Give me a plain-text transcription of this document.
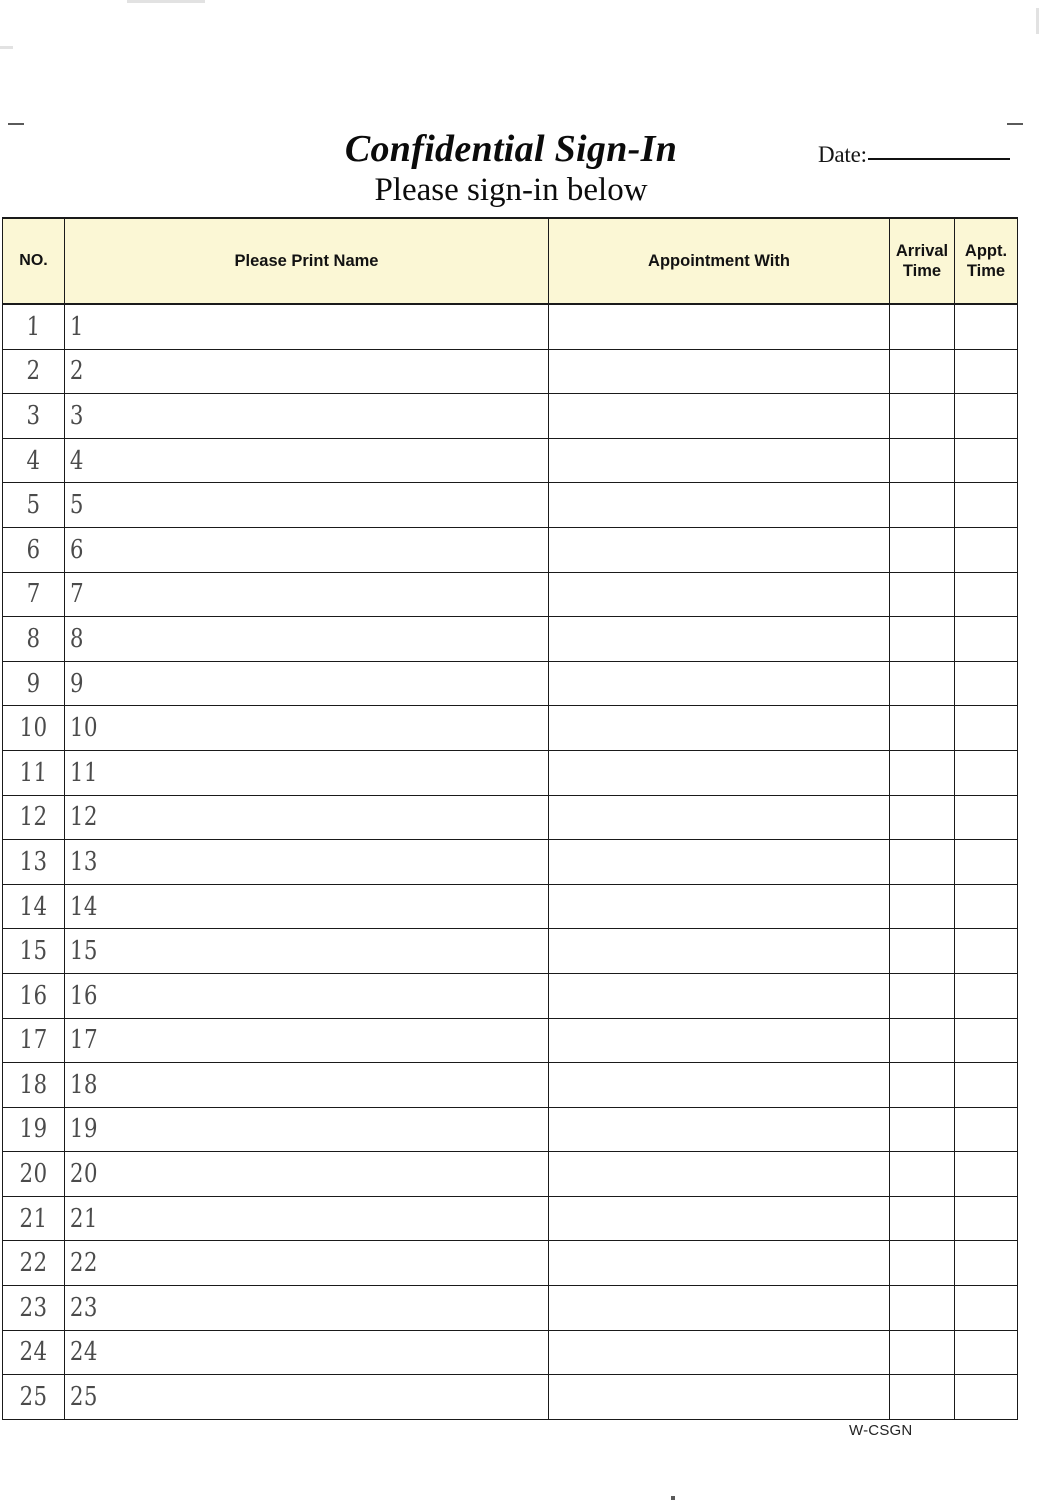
Confidential Sign-In
Please sign-in below
Date:
NO.	Please Print Name	Appointment With	Arrival Time	Appt. Time

1	1			

2	2			

3	3			

4	4			

5	5			

6	6			

7	7			

8	8			

9	9			

10	10			

11	11			

12	12			

13	13			

14	14			

15	15			

16	16			

17	17			

18	18			

19	19			

20	20			

21	21			

22	22			

23	23			

24	24			

25	25			

W-CSGN
